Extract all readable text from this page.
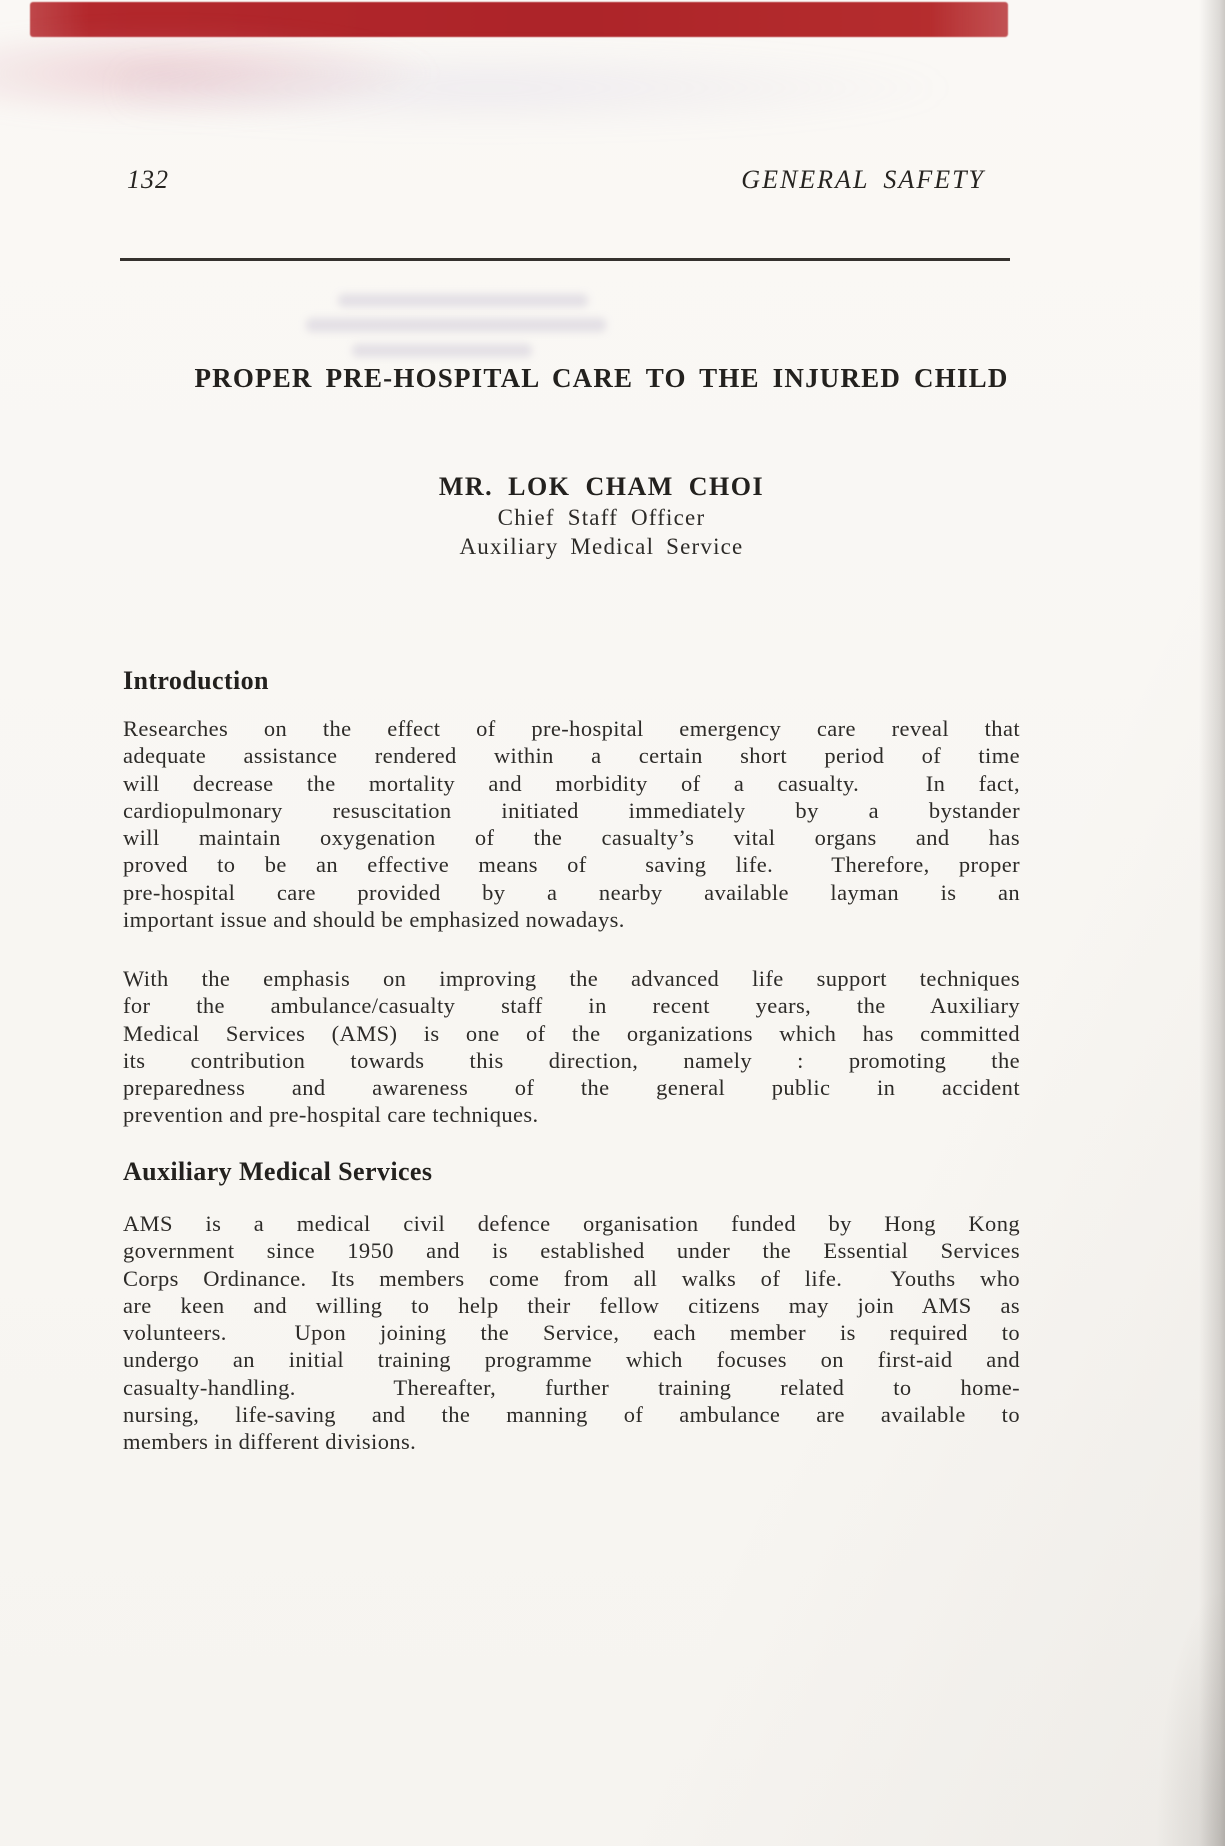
132	GENERAL SAFETY
PROPER PRE-HOSPITAL CARE TO THE INJURED CHILD
MR. LOK CHAM CHOI
Chief Staff Officer
Auxiliary Medical Service
Introduction
Researches on the effect of pre-hospital emergency care reveal that
adequate assistance rendered within a certain short period of time
will decrease the mortality and morbidity of a casualty.  In fact,
cardiopulmonary resuscitation initiated immediately by a bystander
will maintain oxygenation of the casualty’s vital organs and has
proved to be an effective means of  saving life.  Therefore, proper
pre-hospital care provided by a nearby available layman is an
important issue and should be emphasized nowadays.
With the emphasis on improving the advanced life support techniques
for the ambulance/casualty staff in recent years, the Auxiliary
Medical Services (AMS) is one of the organizations which has committed
its contribution towards this direction, namely : promoting the
preparedness and awareness of the general public in accident
prevention and pre-hospital care techniques.
Auxiliary Medical Services
AMS is a medical civil defence organisation funded by Hong Kong
government since 1950 and is established under the Essential Services
Corps Ordinance. Its members come from all walks of life.  Youths who
are keen and willing to help their fellow citizens may join AMS as
volunteers.  Upon joining the Service, each member is required to
undergo an initial training programme which focuses on first-aid and
casualty-handling.  Thereafter, further training related to home-
nursing, life-saving and the manning of ambulance are available to
members in different divisions.
